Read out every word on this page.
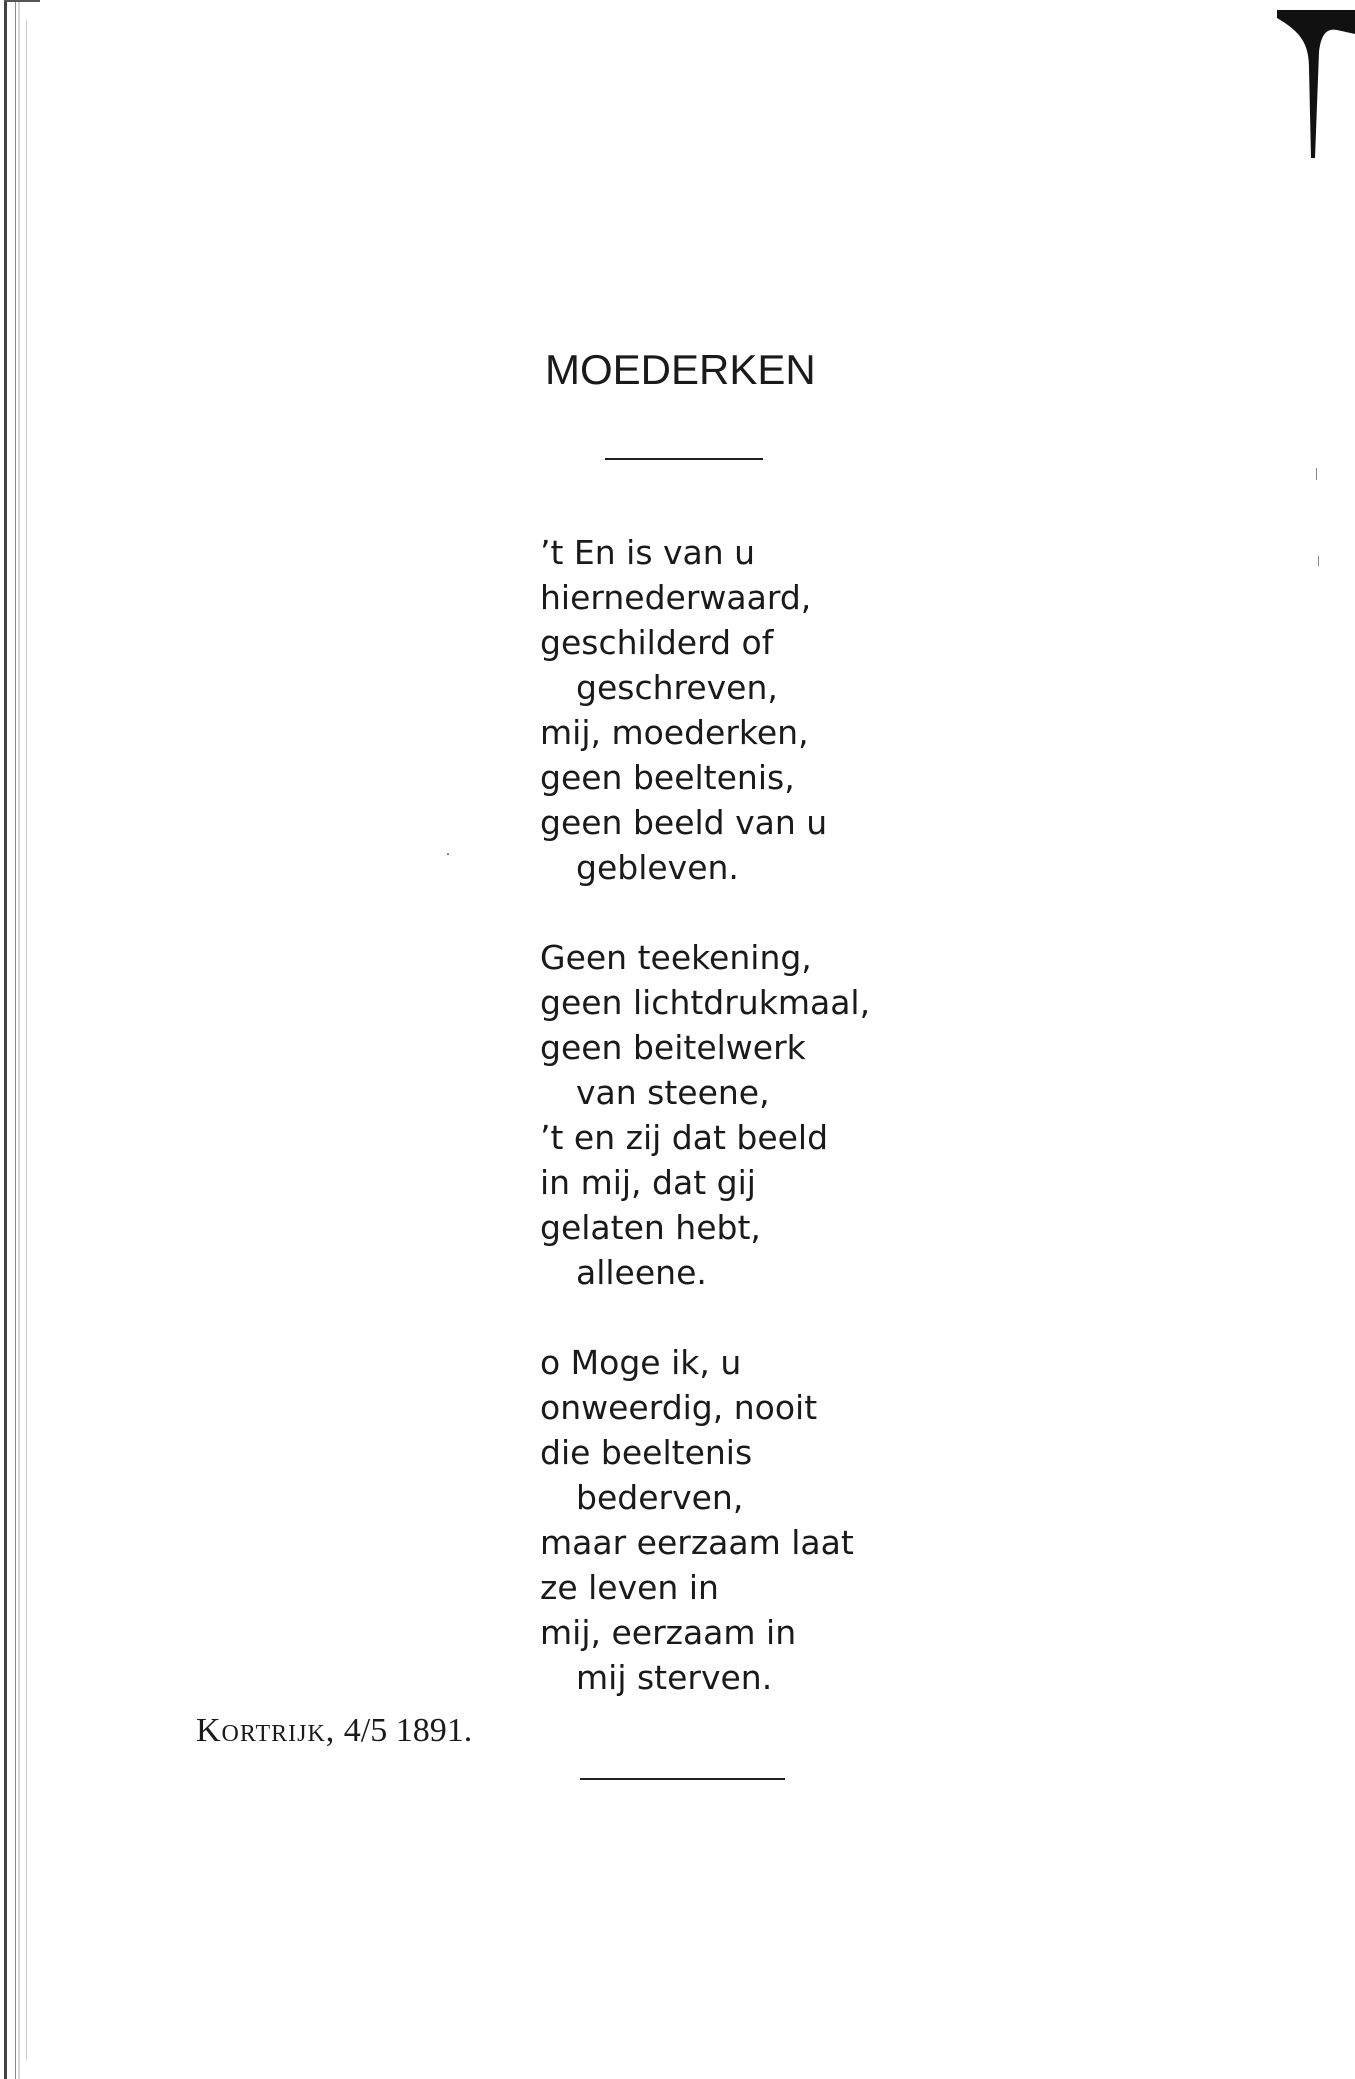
MOEDERKEN
’t En is van u
hiernederwaard,
geschilderd of
geschreven,
mij, moederken,
geen beeltenis,
geen beeld van u
gebleven.
Geen teekening,
geen lichtdrukmaal,
geen beitelwerk
van steene,
’t en zij dat beeld
in mij, dat gij
gelaten hebt,
alleene.
o Moge ik, u
onweerdig, nooit
die beeltenis
bederven,
maar eerzaam laat
ze leven in
mij, eerzaam in
mij sterven.
Kortrijk, 4/5 1891.
